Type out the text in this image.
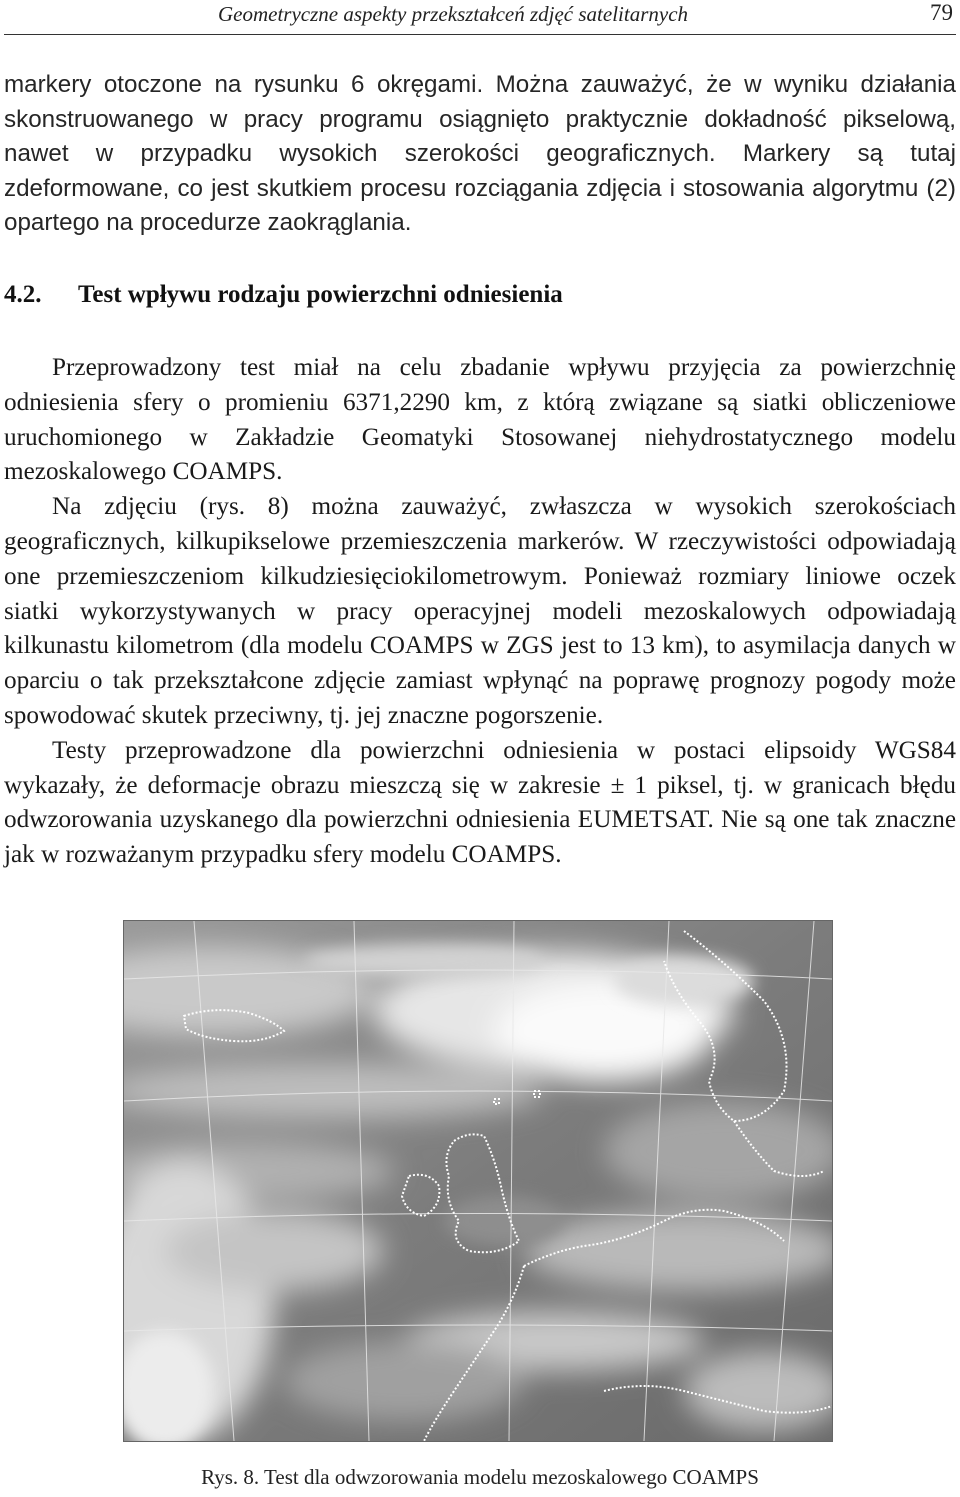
Geometryczne aspekty przekształceń zdjęć satelitarnych	79

markery otoczone na rysunku 6 okręgami. Można zauważyć, że w wyniku działania skonstruowanego w pracy programu osiągnięto praktycznie dokładność pikselową, nawet w przypadku wysokich szerokości geograficznych. Markery są tutaj zdeformowane, co jest skutkiem procesu rozciągania zdjęcia i stosowania algorytmu (2) opartego na procedurze zaokrąglania.

4.2. Test wpływu rodzaju powierzchni odniesienia

Przeprowadzony test miał na celu zbadanie wpływu przyjęcia za powierzchnię odniesienia sfery o promieniu 6371,2290 km, z którą związane są siatki obliczeniowe uruchomionego w Zakładzie Geomatyki Stosowanej niehydrostatycznego modelu mezoskalowego COAMPS.

Na zdjęciu (rys. 8) można zauważyć, zwłaszcza w wysokich szerokościach geograficznych, kilkupikselowe przemieszczenia markerów. W rzeczywistości odpowiadają one przemieszczeniom kilkudziesięciokilometrowym. Ponieważ rozmiary liniowe oczek siatki wykorzystywanych w pracy operacyjnej modeli mezoskalowych odpowiadają kilkunastu kilometrom (dla modelu COAMPS w ZGS jest to 13 km), to asymilacja danych w oparciu o tak przekształcone zdjęcie zamiast wpłynąć na poprawę prognozy pogody może spowodować skutek przeciwny, tj. jej znaczne pogorszenie.

Testy przeprowadzone dla powierzchni odniesienia w postaci elipsoidy WGS84 wykazały, że deformacje obrazu mieszczą się w zakresie ± 1 piksel, tj. w granicach błędu odwzorowania uzyskanego dla powierzchni odniesienia EUMETSAT. Nie są one tak znaczne jak w rozważanym przypadku sfery modelu COAMPS.

Rys. 8. Test dla odwzorowania modelu mezoskalowego COAMPS
